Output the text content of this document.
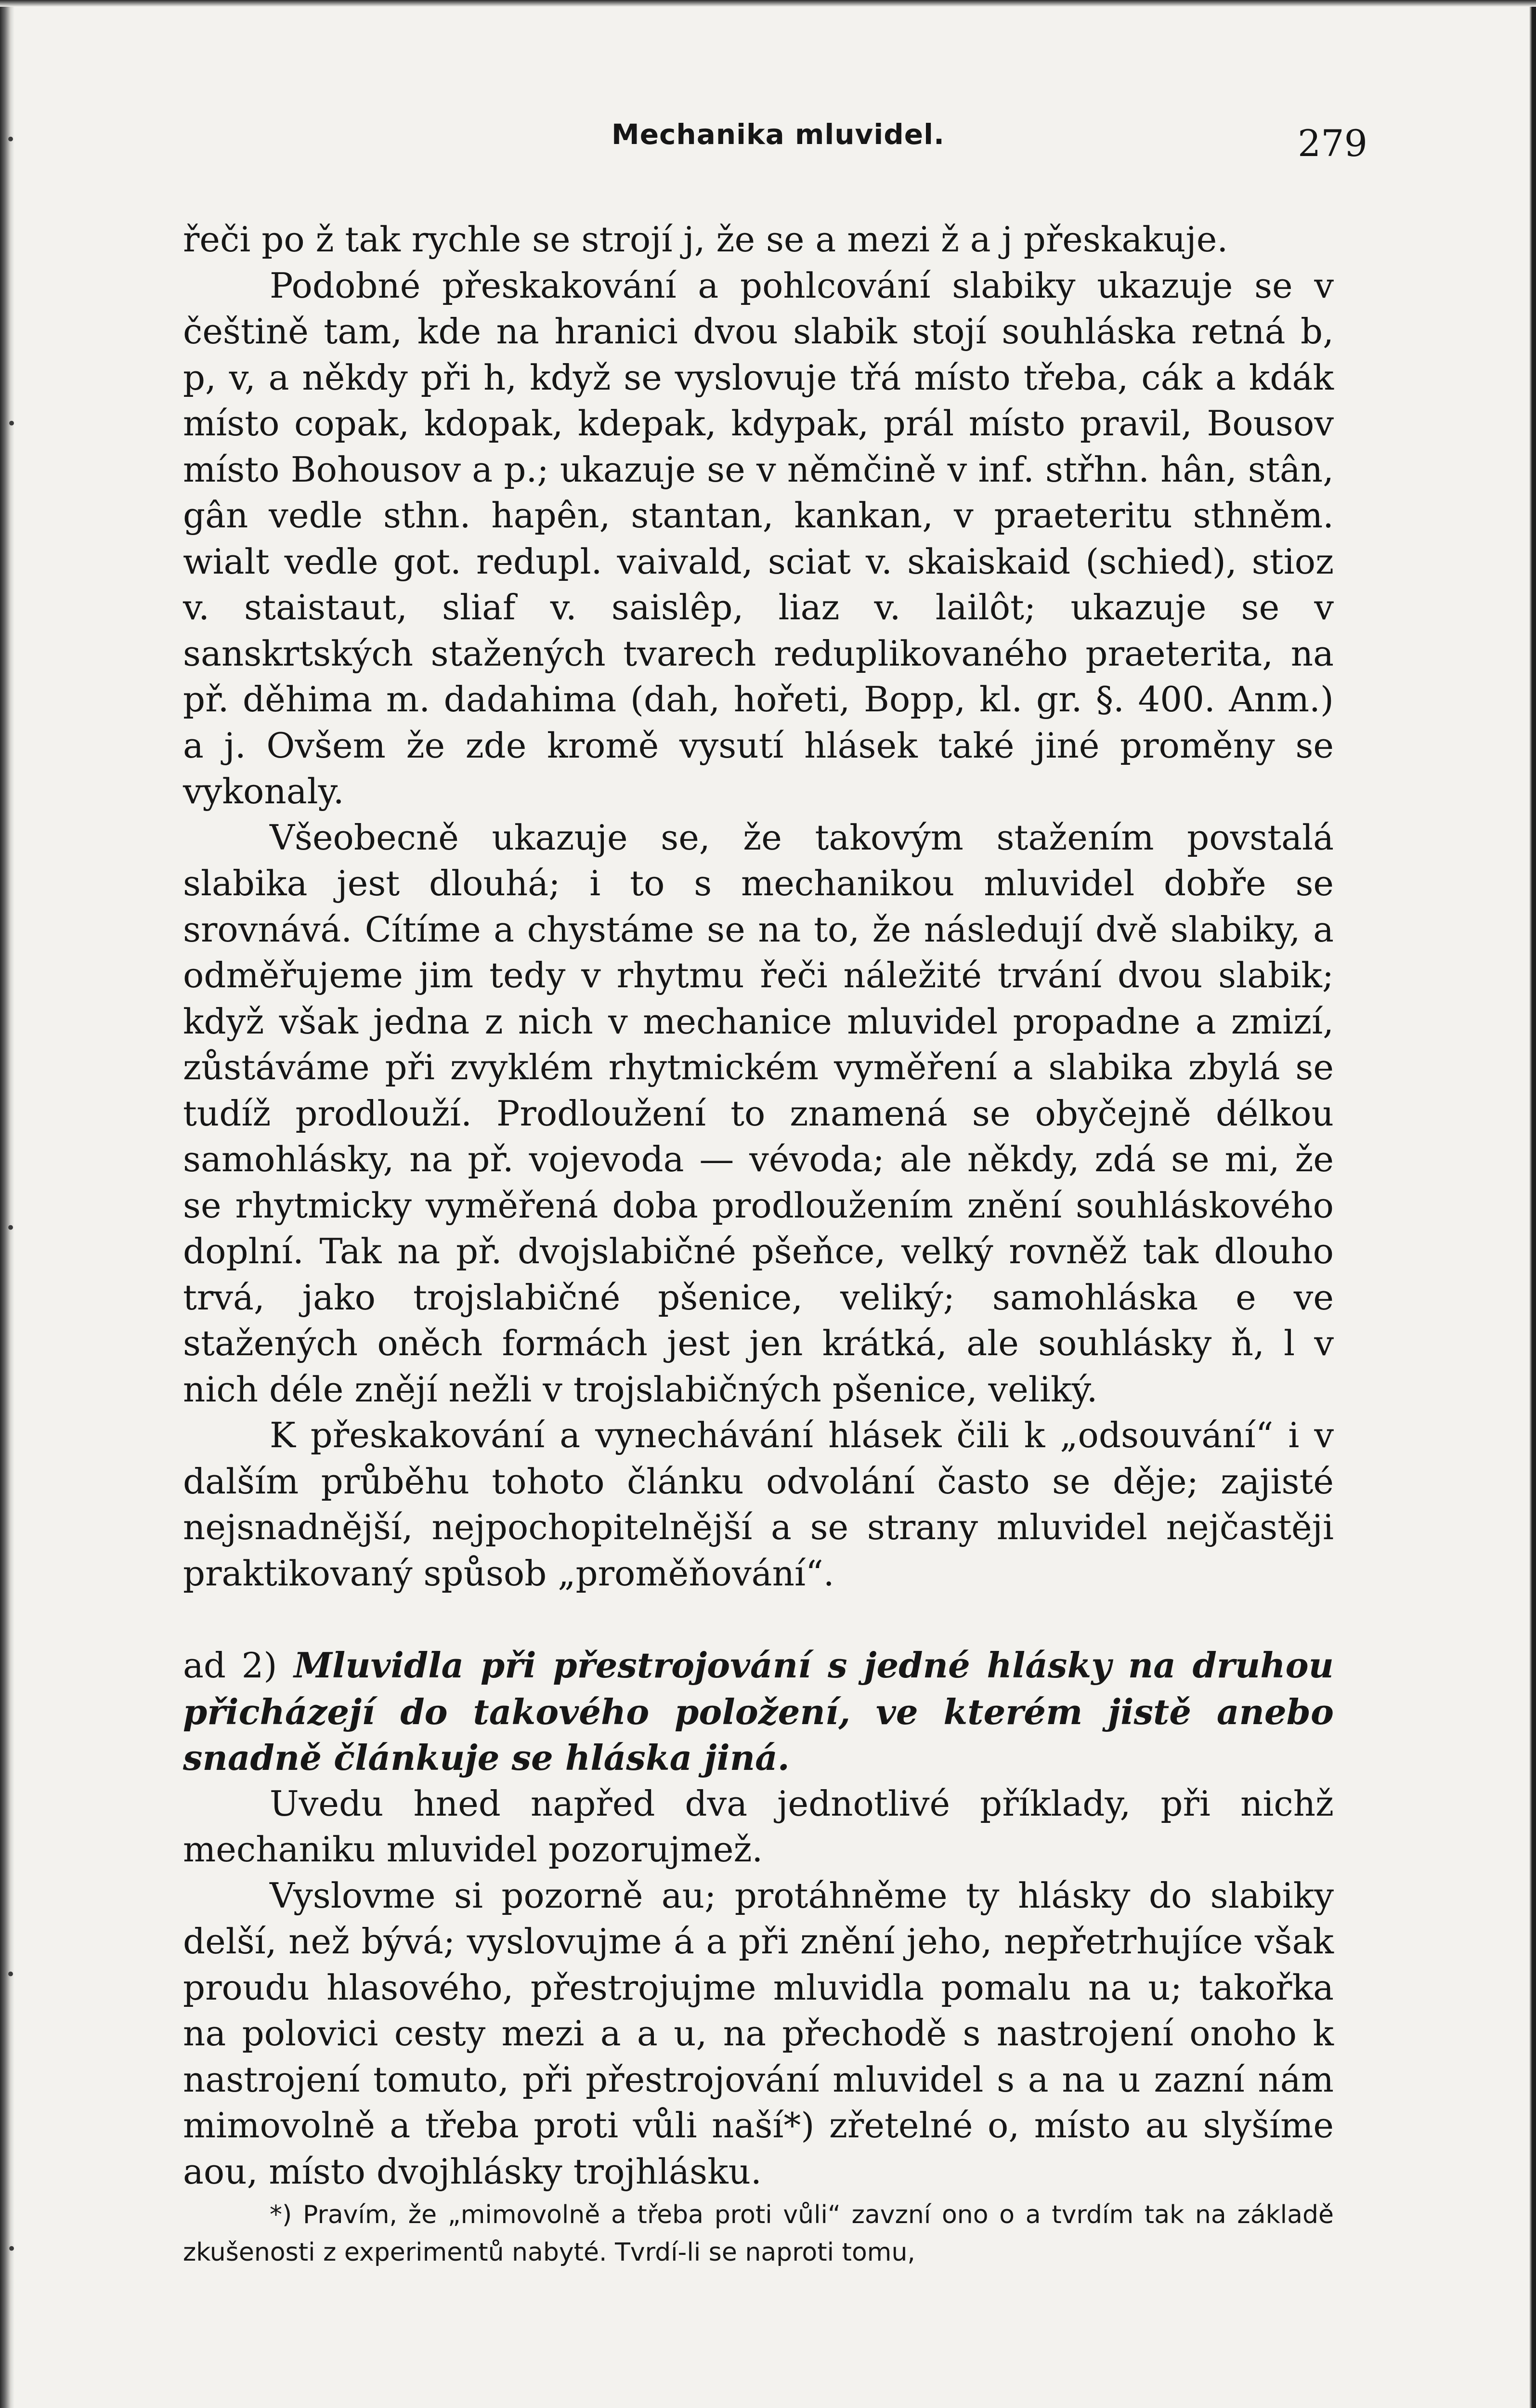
•
•
•
•
•
Mechanika mluvidel.	279

řeči po ž tak rychle se strojí j, že se a mezi ž a j přeskakuje.

Podobné přeskakování a pohlcování slabiky ukazuje se v češtině tam, kde na hranici dvou slabik stojí souhláska retná b, p, v, a někdy při h, když se vyslovuje třá místo třeba, cák a kdák místo copak, kdopak, kdepak, kdypak, prál místo pravil, Bousov místo Bohousov a p.; ukazuje se v němčině v inf. střhn. hân, stân, gân vedle sthn. hapên, stantan, kankan, v praeteritu sthněm. wialt vedle got. redupl. vaivald, sciat v. skaiskaid (schied), stioz v. staistaut, sliaf v. saislêp, liaz v. lailôt; ukazuje se v sanskrtských stažených tvarech reduplikovaného praeterita, na př. děhima m. dadahima (dah, hořeti, Bopp, kl. gr. §. 400. Anm.) a j. Ovšem že zde kromě vysutí hlásek také jiné proměny se vykonaly.

Všeobecně ukazuje se, že takovým stažením povstalá slabika jest dlouhá; i to s mechanikou mluvidel dobře se srovnává. Cítíme a chystáme se na to, že následují dvě slabiky, a odměřujeme jim tedy v rhytmu řeči náležité trvání dvou slabik; když však jedna z nich v mechanice mluvidel propadne a zmizí, zůstáváme při zvyklém rhytmickém vyměření a slabika zbylá se tudíž prodlouží. Prodloužení to znamená se obyčejně délkou samohlásky, na př. vojevoda — vévoda; ale někdy, zdá se mi, že se rhytmicky vyměřená doba prodloužením znění souhláskového doplní. Tak na př. dvojslabičné pšeňce, velký rovněž tak dlouho trvá, jako trojslabičné pšenice, veliký; samohláska e ve stažených oněch formách jest jen krátká, ale souhlásky ň, l v nich déle znějí nežli v trojslabičných pšenice, veliký.

K přeskakování a vynechávání hlásek čili k „odsouvání“ i v dalším průběhu tohoto článku odvolání často se děje; zajisté nejsnadnější, nejpochopitelnější a se strany mluvidel nejčastěji praktikovaný spůsob „proměňování“.

ad 2) Mluvidla při přestrojování s jedné hlásky na druhou přicházejí do takového položení, ve kterém jistě anebo snadně článkuje se hláska jiná.

Uvedu hned napřed dva jednotlivé příklady, při nichž mechaniku mluvidel pozorujmež.

Vyslovme si pozorně au; protáhněme ty hlásky do slabiky delší, než bývá; vyslovujme á a při znění jeho, nepřetrhujíce však proudu hlasového, přestrojujme mluvidla pomalu na u; takořka na polovici cesty mezi a a u, na přechodě s nastrojení onoho k nastrojení tomuto, při přestrojování mluvidel s a na u zazní nám mimovolně a třeba proti vůli naší*) zřetelné o, místo au slyšíme aou, místo dvojhlásky trojhlásku.

*) Pravím, že „mimovolně a třeba proti vůli“ zavzní ono o a tvrdím tak na základě zkušenosti z experimentů nabyté. Tvrdí-li se naproti tomu,
